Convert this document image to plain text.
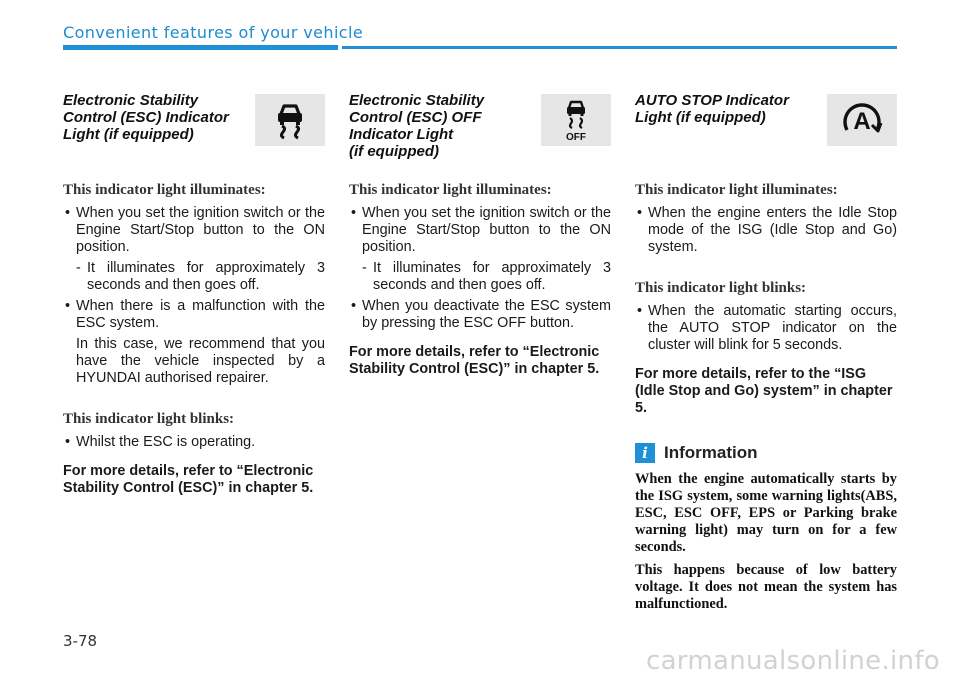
Convenient features of your vehicle
Electronic Stability
Control (ESC) Indicator
Light (if equipped)
This indicator light illuminates:
• When you set the ignition switch or the Engine Start/Stop button to the ON position.
- It illuminates for approximately 3 seconds and then goes off.
• When there is a malfunction with the ESC system.
In this case, we recommend that you have the vehicle inspected by a HYUNDAI authorised repairer.
This indicator light blinks:
• Whilst the ESC is operating.
For more details, refer to “Electronic Stability Control (ESC)” in chapter 5.
Electronic Stability
Control (ESC) OFF
Indicator Light
(if equipped)
OFF
This indicator light illuminates:
• When you set the ignition switch or the Engine Start/Stop button to the ON position.
- It illuminates for approximately 3 seconds and then goes off.
• When you deactivate the ESC system by pressing the ESC OFF button.
For more details, refer to “Electronic Stability Control (ESC)” in chapter 5.
AUTO STOP Indicator
Light (if equipped)	A
This indicator light illuminates:
• When the engine enters the Idle Stop mode of the ISG (Idle Stop and Go) system.
This indicator light blinks:
• When the automatic starting occurs, the AUTO STOP indicator on the cluster will blink for 5 seconds.
For more details, refer to the “ISG (Idle Stop and Go) system” in chapter 5.
i Information
When the engine automatically starts by the ISG system, some warning lights(ABS, ESC, ESC OFF, EPS or Parking brake warning light) may turn on for a few seconds.
This happens because of low battery voltage. It does not mean the system has malfunctioned.
3-78
carmanualsonline.info
